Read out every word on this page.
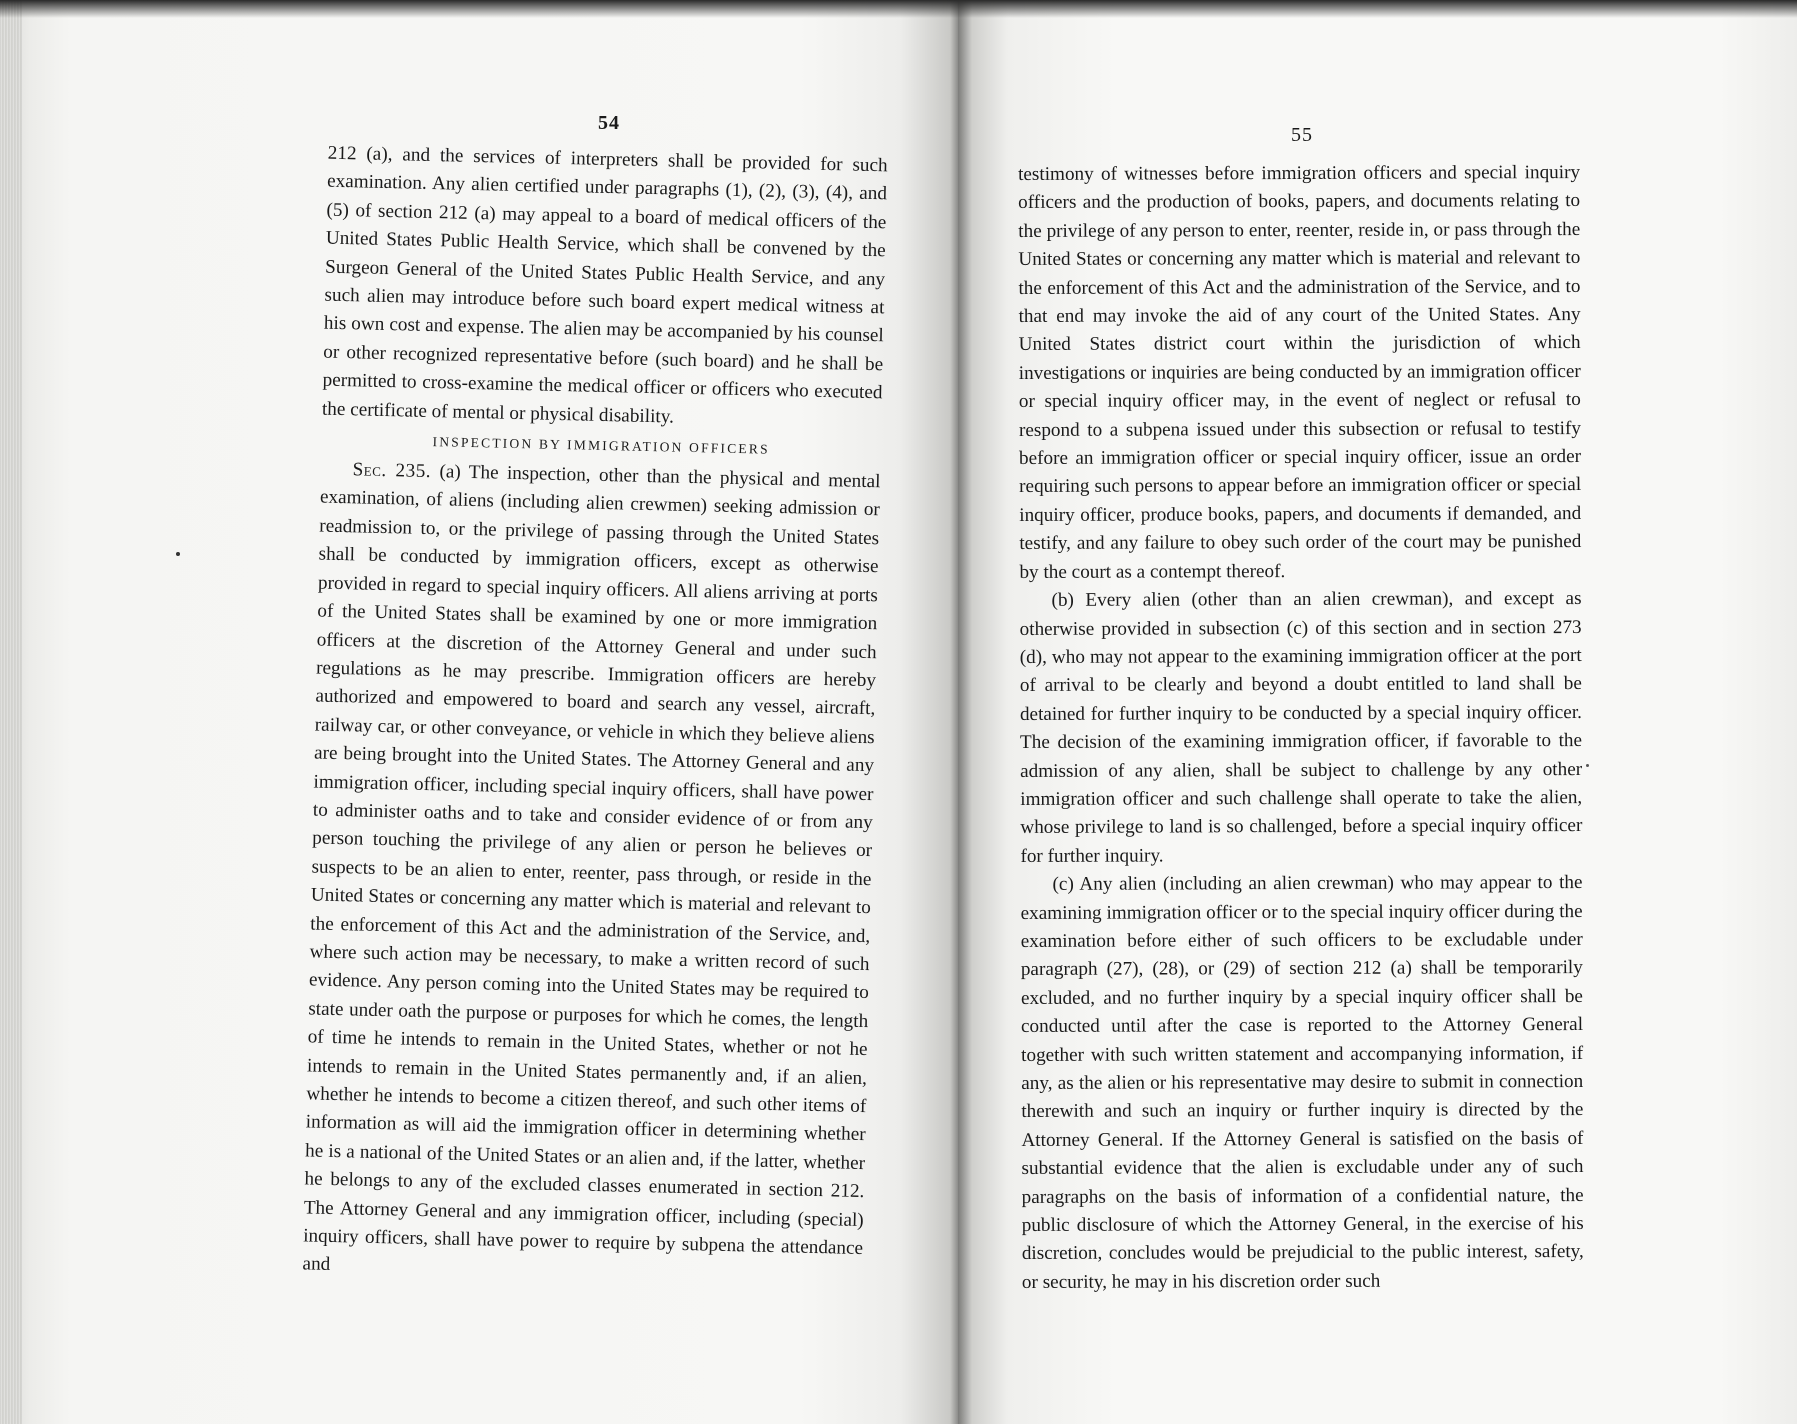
54

212 (a), and the services of interpreters shall be provided for such examination. Any alien certified under paragraphs (1), (2), (3), (4), and (5) of section 212 (a) may appeal to a board of medical officers of the United States Public Health Service, which shall be convened by the Surgeon General of the United States Public Health Service, and any such alien may introduce before such board expert medical witness at his own cost and expense. The alien may be accompanied by his counsel or other recognized representative before (such board) and he shall be permitted to cross-examine the medical officer or officers who executed the certificate of mental or physical disability.

INSPECTION BY IMMIGRATION OFFICERS

Sec. 235. (a) The inspection, other than the physical and mental examination, of aliens (including alien crewmen) seeking admission or readmission to, or the privilege of passing through the United States shall be conducted by immigration officers, except as otherwise provided in regard to special inquiry officers. All aliens arriving at ports of the United States shall be examined by one or more immigration officers at the discretion of the Attorney General and under such regulations as he may prescribe. Immigration officers are hereby authorized and empowered to board and search any vessel, aircraft, railway car, or other conveyance, or vehicle in which they believe aliens are being brought into the United States. The Attorney General and any immigration officer, including special inquiry officers, shall have power to administer oaths and to take and consider evidence of or from any person touching the privilege of any alien or person he believes or suspects to be an alien to enter, reenter, pass through, or reside in the United States or concerning any matter which is material and relevant to the enforcement of this Act and the administration of the Service, and, where such action may be necessary, to make a written record of such evidence. Any person coming into the United States may be required to state under oath the purpose or purposes for which he comes, the length of time he intends to remain in the United States, whether or not he intends to remain in the United States permanently and, if an alien, whether he intends to become a citizen thereof, and such other items of information as will aid the immigration officer in determining whether he is a national of the United States or an alien and, if the latter, whether he belongs to any of the excluded classes enumerated in section 212. The Attorney General and any immigration officer, including (special) inquiry officers, shall have power to require by subpena the attendance and

55

testimony of witnesses before immigration officers and special inquiry officers and the production of books, papers, and documents relating to the privilege of any person to enter, reenter, reside in, or pass through the United States or concerning any matter which is material and relevant to the enforcement of this Act and the administration of the Service, and to that end may invoke the aid of any court of the United States. Any United States district court within the jurisdiction of which investigations or inquiries are being conducted by an immigration officer or special inquiry officer may, in the event of neglect or refusal to respond to a subpena issued under this subsection or refusal to testify before an immigration officer or special inquiry officer, issue an order requiring such persons to appear before an immigration officer or special inquiry officer, produce books, papers, and documents if demanded, and testify, and any failure to obey such order of the court may be punished by the court as a contempt thereof.

(b) Every alien (other than an alien crewman), and except as otherwise provided in subsection (c) of this section and in section 273 (d), who may not appear to the examining immigration officer at the port of arrival to be clearly and beyond a doubt entitled to land shall be detained for further inquiry to be conducted by a special inquiry officer. The decision of the examining immigration officer, if favorable to the admission of any alien, shall be subject to challenge by any other immigration officer and such challenge shall operate to take the alien, whose privilege to land is so challenged, before a special inquiry officer for further inquiry.

(c) Any alien (including an alien crewman) who may appear to the examining immigration officer or to the special inquiry officer during the examination before either of such officers to be excludable under paragraph (27), (28), or (29) of section 212 (a) shall be temporarily excluded, and no further inquiry by a special inquiry officer shall be conducted until after the case is reported to the Attorney General together with such written statement and accompanying information, if any, as the alien or his representative may desire to submit in connection therewith and such an inquiry or further inquiry is directed by the Attorney General. If the Attorney General is satisfied on the basis of substantial evidence that the alien is excludable under any of such paragraphs on the basis of information of a confidential nature, the public disclosure of which the Attorney General, in the exercise of his discretion, concludes would be prejudicial to the public interest, safety, or security, he may in his discretion order such
